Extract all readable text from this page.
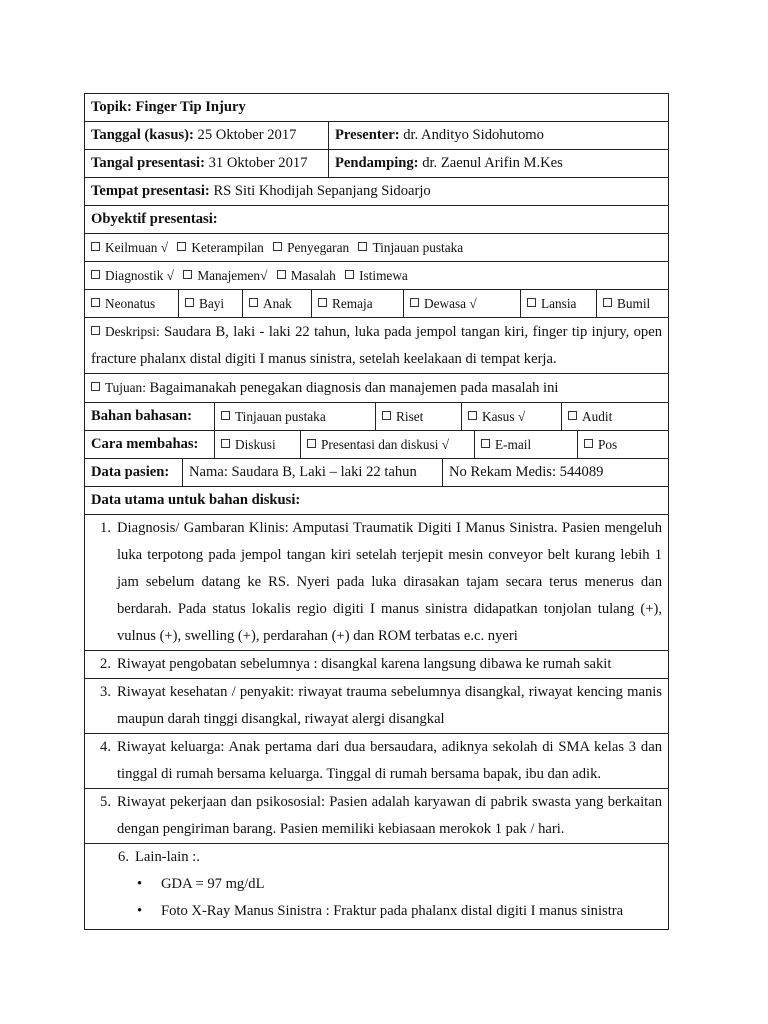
Topik: Finger Tip Injury
Tanggal (kasus): 25 Oktober 2017	Presenter: dr. Andityo Sidohutomo
Tangal presentasi: 31 Oktober 2017	Pendamping: dr. Zaenul Arifin M.Kes
Tempat presentasi: RS Siti Khodijah Sepanjang Sidoarjo
Obyektif presentasi:
Keilmuan √ Keterampilan Penyegaran Tinjauan pustaka
Diagnostik √ Manajemen√ Masalah Istimewa
Neonatus	Bayi	Anak	Remaja	Dewasa √	Lansia	Bumil
Deskripsi: Saudara B, laki - laki 22 tahun, luka pada jempol tangan kiri, finger tip injury, open fracture phalanx distal digiti I manus sinistra, setelah keelakaan di tempat kerja.
Tujuan: Bagaimanakah penegakan diagnosis dan manajemen pada masalah ini
Bahan bahasan:	Tinjauan pustaka	Riset	Kasus √	Audit
Cara membahas:	Diskusi	Presentasi dan diskusi √	E-mail	Pos
Data pasien:	Nama: Saudara B, Laki – laki 22 tahun	No Rekam Medis: 544089
Data utama untuk bahan diskusi:
1. Diagnosis/ Gambaran Klinis: Amputasi Traumatik Digiti I Manus Sinistra. Pasien mengeluh luka terpotong pada jempol tangan kiri setelah terjepit mesin conveyor belt kurang lebih 1 jam sebelum datang ke RS. Nyeri pada luka dirasakan tajam secara terus menerus dan berdarah. Pada status lokalis regio digiti I manus sinistra didapatkan tonjolan tulang (+), vulnus (+), swelling (+), perdarahan (+) dan ROM terbatas e.c. nyeri
2. Riwayat pengobatan sebelumnya : disangkal karena langsung dibawa ke rumah sakit
3. Riwayat kesehatan / penyakit: riwayat trauma sebelumnya disangkal, riwayat kencing manis maupun darah tinggi disangkal, riwayat alergi disangkal
4. Riwayat keluarga: Anak pertama dari dua bersaudara, adiknya sekolah di SMA kelas 3 dan tinggal di rumah bersama keluarga. Tinggal di rumah bersama bapak, ibu dan adik.
5. Riwayat pekerjaan dan psikososial: Pasien adalah karyawan di pabrik swasta yang berkaitan dengan pengiriman barang. Pasien memiliki kebiasaan merokok 1 pak / hari.
6. Lain-lain :.
•	GDA = 97 mg/dL
•	Foto X-Ray Manus Sinistra : Fraktur pada phalanx distal digiti I manus sinistra
